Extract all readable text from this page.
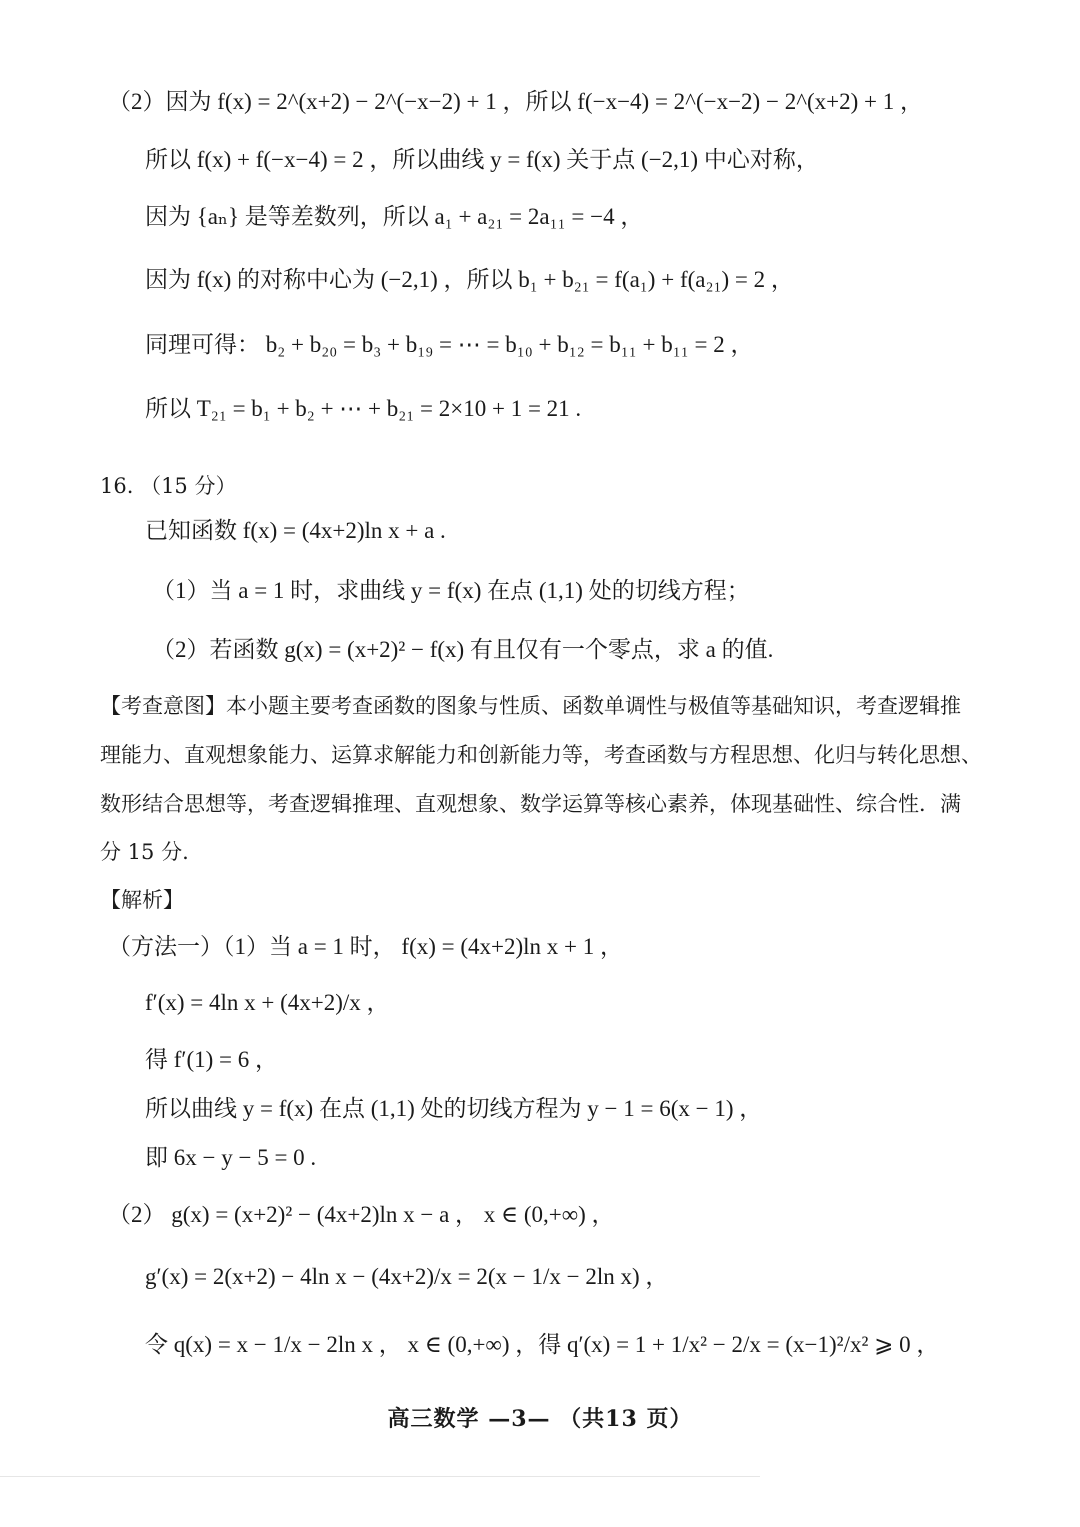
（2）因为 f(x) = 2^(x+2) − 2^(−x−2) + 1 ，所以 f(−x−4) = 2^(−x−2) − 2^(x+2) + 1 ，
所以 f(x) + f(−x−4) = 2 ，所以曲线 y = f(x) 关于点 (−2,1) 中心对称，
因为 {aₙ} 是等差数列，所以 a₁ + a₂₁ = 2a₁₁ = −4 ，
因为 f(x) 的对称中心为 (−2,1) ，所以 b₁ + b₂₁ = f(a₁) + f(a₂₁) = 2 ，
同理可得： b₂ + b₂₀ = b₃ + b₁₉ = ⋯ = b₁₀ + b₁₂ = b₁₁ + b₁₁ = 2 ，
所以 T₂₁ = b₁ + b₂ + ⋯ + b₂₁ = 2×10 + 1 = 21 .
16. （15 分）
已知函数 f(x) = (4x+2)ln x + a .
（1）当 a = 1 时，求曲线 y = f(x) 在点 (1,1) 处的切线方程；
（2）若函数 g(x) = (x+2)² − f(x) 有且仅有一个零点，求 a 的值.
【考查意图】本小题主要考查函数的图象与性质、函数单调性与极值等基础知识，考查逻辑推
理能力、直观想象能力、运算求解能力和创新能力等，考查函数与方程思想、化归与转化思想、
数形结合思想等，考查逻辑推理、直观想象、数学运算等核心素养，体现基础性、综合性．满
分 15 分.
【解析】
（方法一）（1）当 a = 1 时， f(x) = (4x+2)ln x + 1 ，
f′(x) = 4ln x + (4x+2)/x ，
得 f′(1) = 6 ，
所以曲线 y = f(x) 在点 (1,1) 处的切线方程为 y − 1 = 6(x − 1) ，
即 6x − y − 5 = 0 .
（2） g(x) = (x+2)² − (4x+2)ln x − a ， x ∈ (0,+∞) ，
g′(x) = 2(x+2) − 4ln x − (4x+2)/x = 2(x − 1/x − 2ln x) ，
令 q(x) = x − 1/x − 2ln x ， x ∈ (0,+∞) ，得 q′(x) = 1 + 1/x² − 2/x = (x−1)²/x² ⩾ 0 ，
高三数学 —3— （共13 页）
